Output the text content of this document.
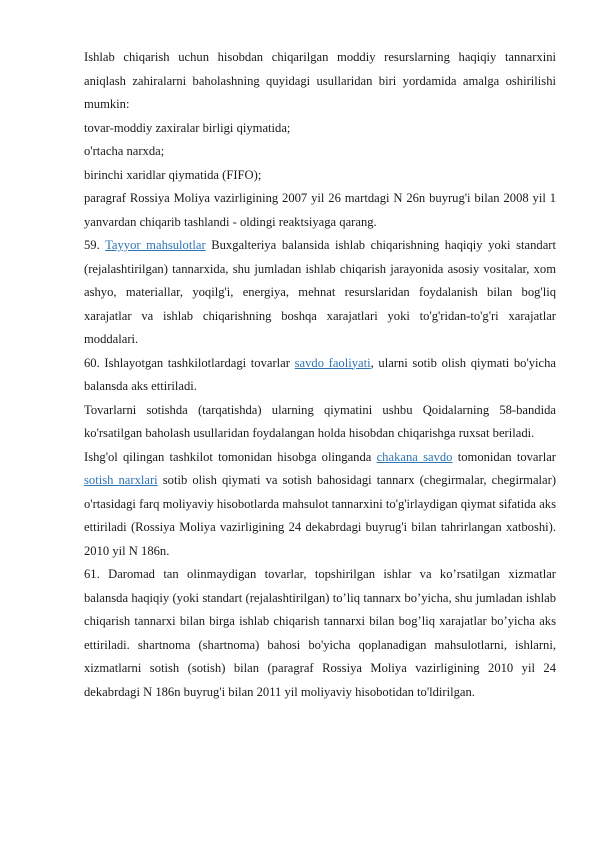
Ishlab chiqarish uchun hisobdan chiqarilgan moddiy resurslarning haqiqiy tannarxini aniqlash zahiralarni baholashning quyidagi usullaridan biri yordamida amalga oshirilishi mumkin:

tovar-moddiy zaxiralar birligi qiymatida;

o'rtacha narxda;

birinchi xaridlar qiymatida (FIFO);

paragraf Rossiya Moliya vazirligining 2007 yil 26 martdagi N 26n buyrug'i bilan 2008 yil 1 yanvardan chiqarib tashlandi - oldingi reaktsiyaga qarang.

59. Tayyor mahsulotlar Buxgalteriya balansida ishlab chiqarishning haqiqiy yoki standart (rejalashtirilgan) tannarxida, shu jumladan ishlab chiqarish jarayonida asosiy vositalar, xom ashyo, materiallar, yoqilg'i, energiya, mehnat resurslaridan foydalanish bilan bog'liq xarajatlar va ishlab chiqarishning boshqa xarajatlari yoki to'g'ridan-to'g'ri xarajatlar moddalari.

60. Ishlayotgan tashkilotlardagi tovarlar savdo faoliyati, ularni sotib olish qiymati bo'yicha balansda aks ettiriladi.

Tovarlarni sotishda (tarqatishda) ularning qiymatini ushbu Qoidalarning 58-bandida ko'rsatilgan baholash usullaridan foydalangan holda hisobdan chiqarishga ruxsat beriladi.

Ishg'ol qilingan tashkilot tomonidan hisobga olinganda chakana savdo tomonidan tovarlar sotish narxlari sotib olish qiymati va sotish bahosidagi tannarx (chegirmalar, chegirmalar) o'rtasidagi farq moliyaviy hisobotlarda mahsulot tannarxini to'g'irlaydigan qiymat sifatida aks ettiriladi (Rossiya Moliya vazirligining 24 dekabrdagi buyrug'i bilan tahrirlangan xatboshi). 2010 yil N 186n.

61. Daromad tan olinmaydigan tovarlar, topshirilgan ishlar va ko’rsatilgan xizmatlar balansda haqiqiy (yoki standart (rejalashtirilgan) to’liq tannarx bo’yicha, shu jumladan ishlab chiqarish tannarxi bilan birga ishlab chiqarish tannarxi bilan bog’liq xarajatlar bo’yicha aks ettiriladi. shartnoma (shartnoma) bahosi bo'yicha qoplanadigan mahsulotlarni, ishlarni, xizmatlarni sotish (sotish) bilan (paragraf Rossiya Moliya vazirligining 2010 yil 24 dekabrdagi N 186n buyrug'i bilan 2011 yil moliyaviy hisobotidan to'ldirilgan.
